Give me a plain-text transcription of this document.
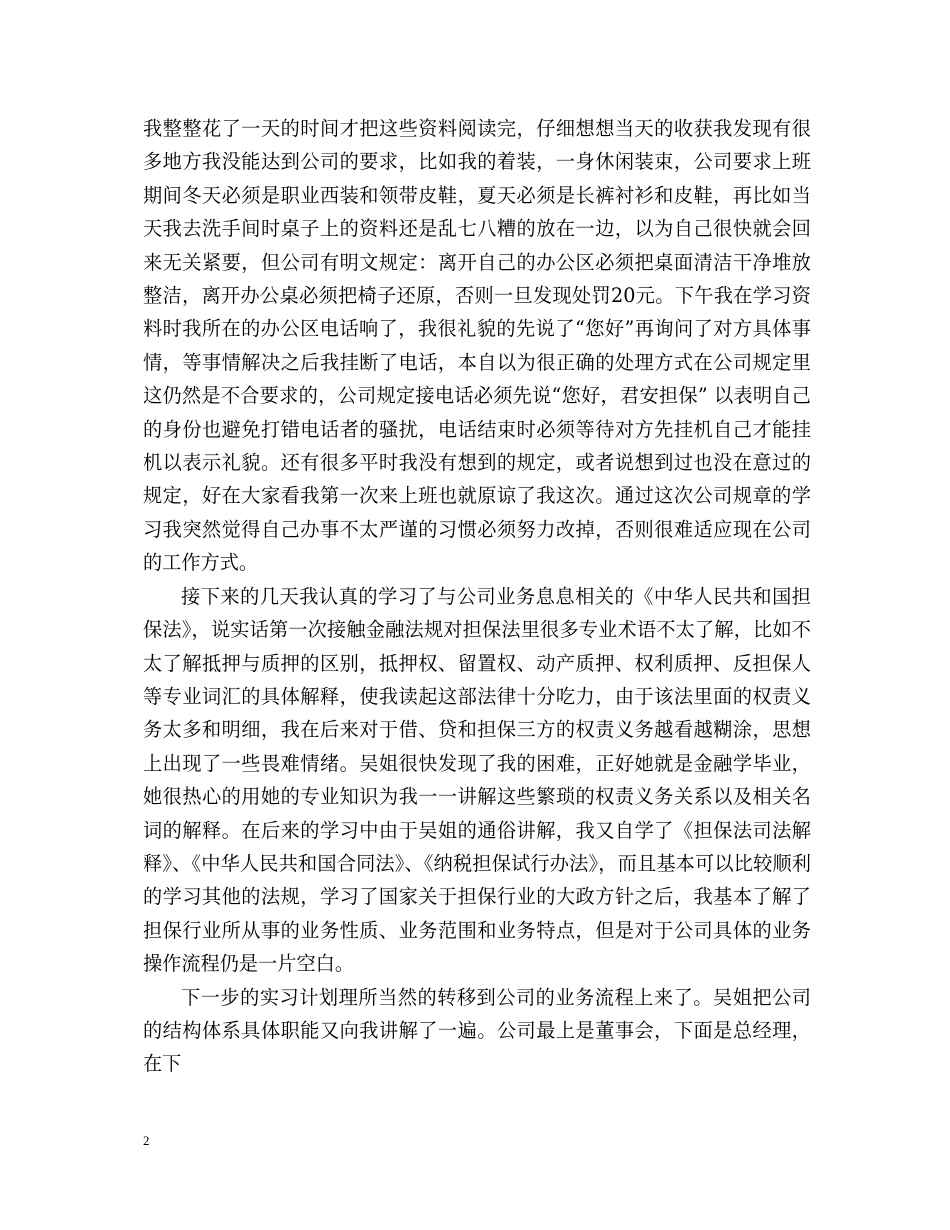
我整整花了一天的时间才把这些资料阅读完，仔细想想当天的收获我发现有很多地方我没能达到公司的要求，比如我的着装，一身休闲装束，公司要求上班期间冬天必须是职业西装和领带皮鞋，夏天必须是长裤衬衫和皮鞋，再比如当天我去洗手间时桌子上的资料还是乱七八糟的放在一边，以为自己很快就会回来无关紧要，但公司有明文规定：离开自己的办公区必须把桌面清洁干净堆放整洁，离开办公桌必须把椅子还原，否则一旦发现处罚20元。下午我在学习资料时我所在的办公区电话响了，我很礼貌的先说了“您好”再询问了对方具体事情，等事情解决之后我挂断了电话，本自以为很正确的处理方式在公司规定里这仍然是不合要求的，公司规定接电话必须先说“您好，君安担保” 以表明自己的身份也避免打错电话者的骚扰，电话结束时必须等待对方先挂机自己才能挂机以表示礼貌。还有很多平时我没有想到的规定，或者说想到过也没在意过的规定，好在大家看我第一次来上班也就原谅了我这次。通过这次公司规章的学习我突然觉得自己办事不太严谨的习惯必须努力改掉，否则很难适应现在公司的工作方式。

接下来的几天我认真的学习了与公司业务息息相关的《中华人民共和国担保法》，说实话第一次接触金融法规对担保法里很多专业术语不太了解，比如不太了解抵押与质押的区别，抵押权、留置权、动产质押、权利质押、反担保人等专业词汇的具体解释，使我读起这部法律十分吃力，由于该法里面的权责义务太多和明细，我在后来对于借、贷和担保三方的权责义务越看越糊涂，思想上出现了一些畏难情绪。吴姐很快发现了我的困难，正好她就是金融学毕业，她很热心的用她的专业知识为我一一讲解这些繁琐的权责义务关系以及相关名词的解释。在后来的学习中由于吴姐的通俗讲解，我又自学了《担保法司法解释》、《中华人民共和国合同法》、《纳税担保试行办法》，而且基本可以比较顺利的学习其他的法规，学习了国家关于担保行业的大政方针之后，我基本了解了担保行业所从事的业务性质、业务范围和业务特点，但是对于公司具体的业务操作流程仍是一片空白。

下一步的实习计划理所当然的转移到公司的业务流程上来了。吴姐把公司的结构体系具体职能又向我讲解了一遍。公司最上是董事会，下面是总经理，在下

2
